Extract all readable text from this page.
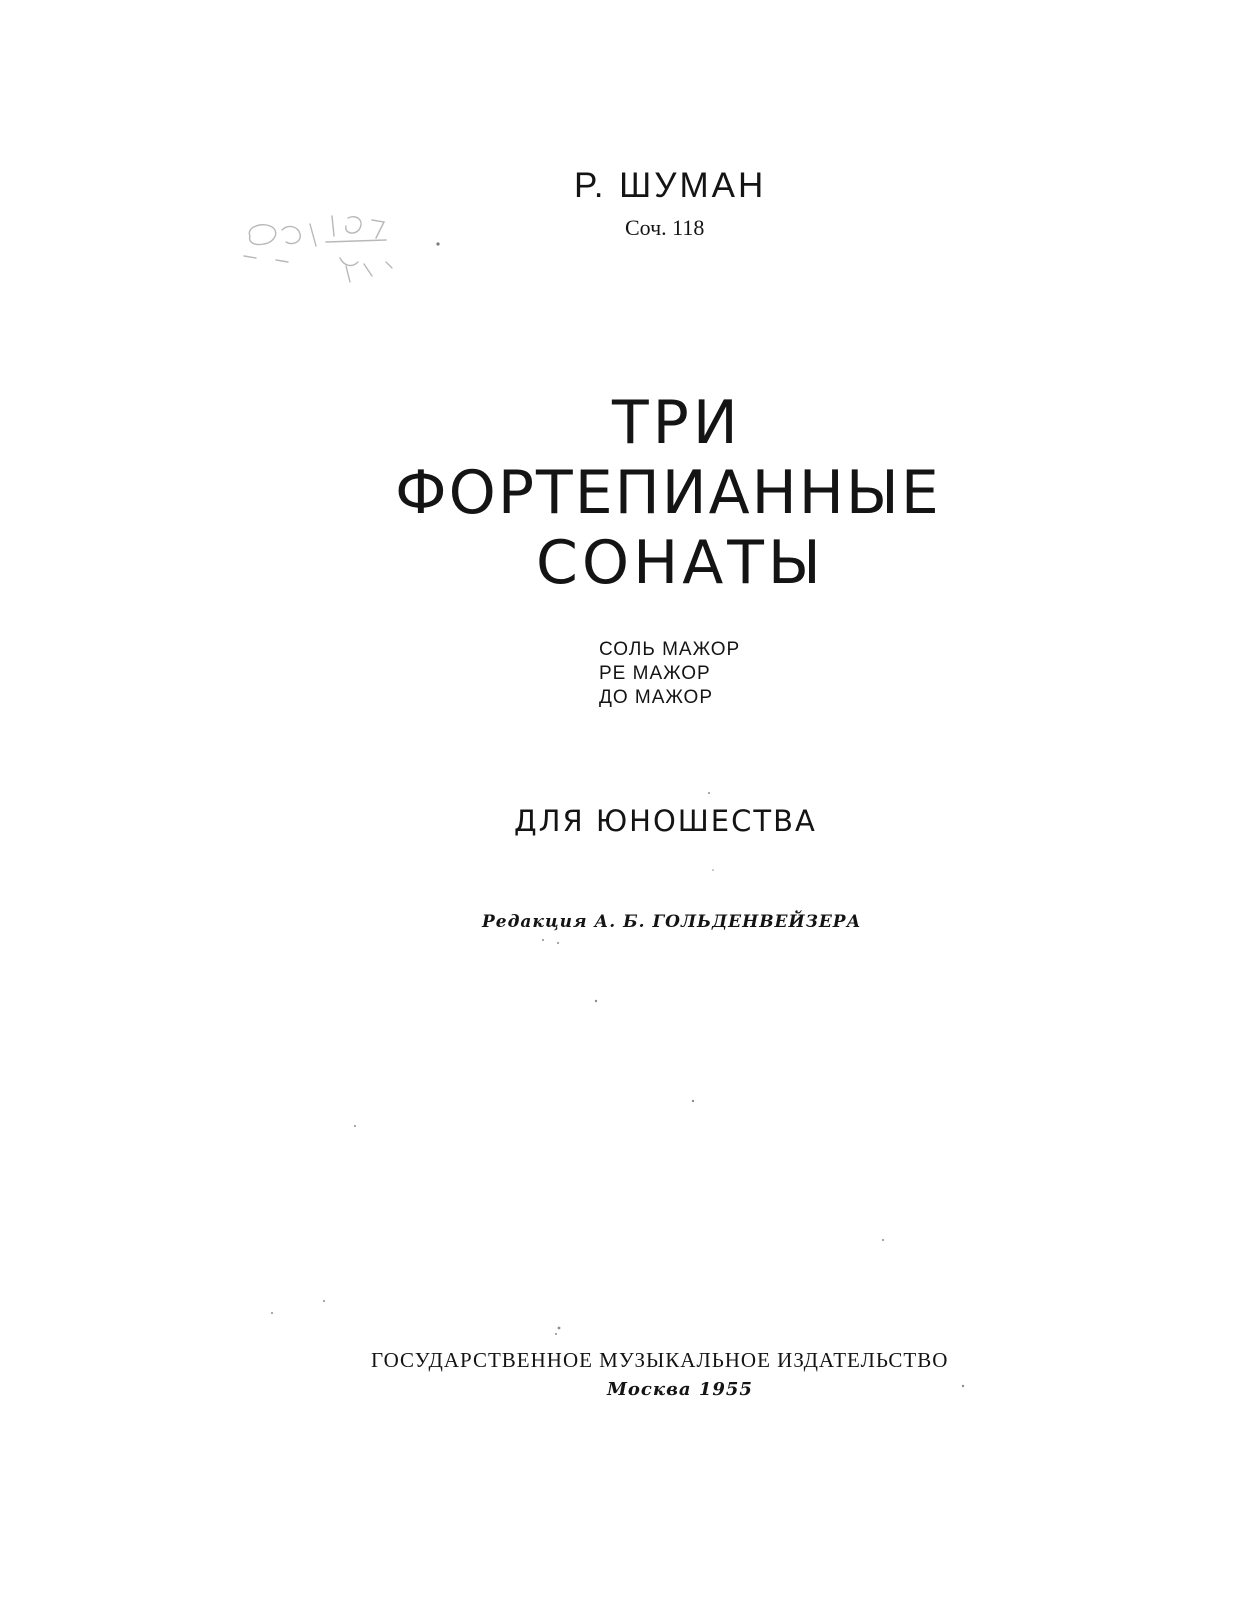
Р. ШУМАН

Соч. 118

ТРИ

ФОРТЕПИАННЫЕ

СОНАТЫ

СОЛЬ МАЖОР
РЕ МАЖОР
ДО МАЖОР

ДЛЯ ЮНОШЕСТВА

Редакция А. Б. ГОЛЬДЕНВЕЙЗЕРА

ГОСУДАРСТВЕННОЕ МУЗЫКАЛЬНОЕ ИЗДАТЕЛЬСТВО

Москва 1955
